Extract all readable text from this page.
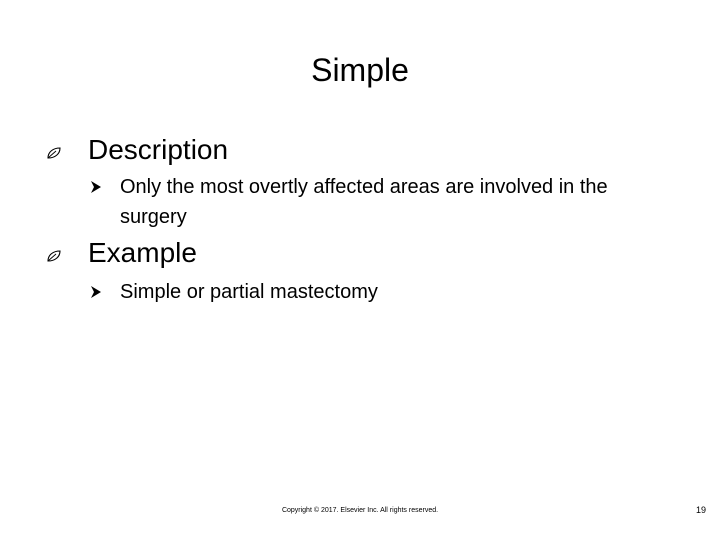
Simple
Description
Only the most overtly affected areas are involved in the surgery
Example
Simple or partial mastectomy
Copyright © 2017. Elsevier Inc. All rights reserved.	19
